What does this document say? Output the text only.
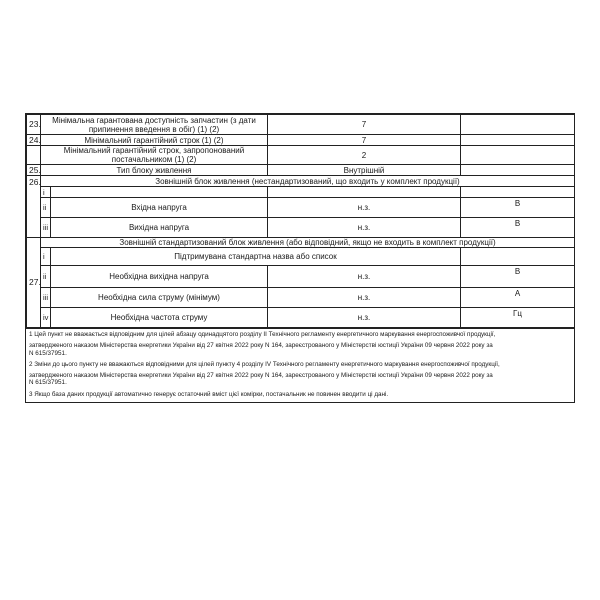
23.	Мінімальна гарантована доступність запчастин (з дати припинення введення в обіг) (1) (2)		7	
24.	Мінімальний гарантійний строк (1) (2)		7	
	Мінімальний гарантійний строк, запропонований постачальником (1) (2)		2	
25.	Тип блоку живлення		Внутрішній	
26.	Зовнішній блок живлення (нестандартизований, що входить у комплект продукції)			
	i			
	ii	Вхідна напруга	н.з.	В
	iii	Вихідна напруга	н.з.	В
27.	Зовнішній стандартизований блок живлення (або відповідний, якщо не входить в комплект продукції)			
	i	Підтримувана стандартна назва або список		
	ii	Необхідна вихідна напруга	н.з.	В
	iii	Необхідна сила струму (мінімум)	н.з.	А
	iv	Необхідна частота струму	н.з.	Гц

1 Цей пункт не вважається відповідним для цілей абзацу одинадцятого розділу II Технічного регламенту енергетичного маркування енергоспоживчої продукції,

затвердженого наказом Міністерства енергетики України від 27 квітня 2022 року N 164, зареєстрованого у Міністерстві юстиції України 09 червня 2022 року за

N 615/37951.

2 Зміни до цього пункту не вважаються відповідними для цілей пункту 4 розділу IV Технічного регламенту енергетичного маркування енергоспоживчої продукції,

затвердженого наказом Міністерства енергетики України від 27 квітня 2022 року N 164, зареєстрованого у Міністерстві юстиції України 09 червня 2022 року за

N 615/37951.

3 Якщо база даних продукції автоматично генерує остаточний вміст цієї комірки, постачальник не повинен вводити ці дані.
